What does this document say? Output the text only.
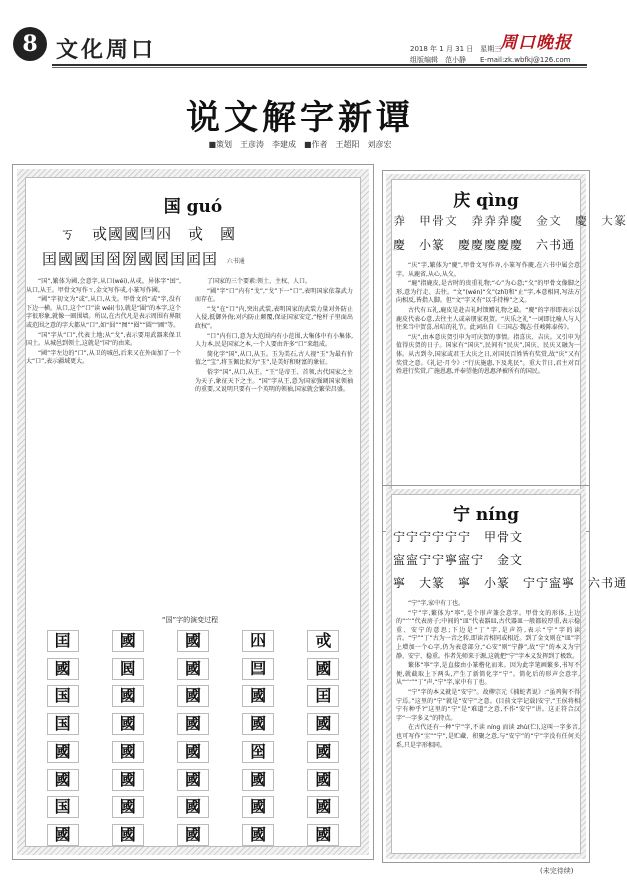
8 文化周口	周口晚报
2018 年 1 月 31 日　星期三
组版编辑　范小静　　E-mail:zk.wbfkj@126.com
说文解字新谭
■策划　王彦涛　李建成　■作者　王超阳　刘彦宏
国 guó
ㄎ　戓國國𡇉𡆧　戓　國
囯國國囯囶圀國囻囯囸囯 六书通

“国”,繁体为國,会意字,从口(wéi),从戓。异体字“囯”,从口,从王。甲骨文写作ㄎ,金文写作戓,小篆写作國。

“國”字初文为“或”,从口,从戈。甲骨文的“或”字,没有下边一横。从口,这个“口”读 wéi(韦),就是“圍”的本字,这个字很形象,就像一圈围墙。所以,在古代凡是表示周围有界限或范围之意的字大都从“口”,如“囧”“囫”“囵”“圆”“圃”等。

“国”字从“口”,代表土地;从“戈”,表示要用武器来保卫国土。从城邑到领土,这就是“国”的由来。

“國”字左边的“口”,从卫的城邑,后来又在外面加了一个大“口”,表示疆域更大。

了国家的三个要素:领土、主权、人口。

“國”字“口”内有“戈”,“戈”下一“口”,表明国家依靠武力而存在。

“戈”在“口”内,突出武装,表明国家的武装力量对外防止入侵,抵御外侮;对内防止颠覆,保证国家安定,“枪杆子里面出政权”。

“口”内有口,意为大范围内有小范围,大集体中有小集体,人力本,民是国家之本,一个人要由许多“口”来组成。

简化字“国”,从口,从玉。玉为美石,古人视“玉”为最有价值之“宝”,将玉佩比拟为“玉”,是美好和财富的象征。

俗字“国”,从口,从王。“王”是帝王、首领,古代国家之主为天子,象征天下之主。“国”字从王,意为国家强调国家领袖的重要,又说明只要有一个英明的领袖,国家就会繁荣昌盛。

“国”字的演变过程
囯	國	國	𡆧	戓
國	囻	國	𡇉	國
国	國	國	國	囯
国	國	國	國	國
國	國	國	囶	國
國	國	國	國	國
国	國	國	國	國
國	國	國	國	國
庆 qìng
𢌻　甲骨文　𢌻𢌻𢌻慶　金文　慶　大篆
慶　小篆　慶慶慶慶慶　六书通

“庆”字,繁体为“慶”,甲骨文写作𢌻,小篆写作慶,在六书中属会意字。从鹿省,从心,从夂。

“鹿”指鹿皮,是古时的贵重礼物;“心”为心意;“夂”的甲骨文像脚之形,意为行走、去往。“文”(wén)“夂”(zhǐ)和“止”字,本意相同,写法方向相反,皆指人脚。但“文”字又有“以手持棒”之义。

古代有五礼,鹿皮是赴吉礼时馈赠礼物之最。“慶”的字形即表示以鹿皮代表心意,去往主人或亲朋家祝贺。“庆乐之礼”一词即比喻人与人往来当中贺喜,吊唁的礼节。此词出自《三国志·魏志·任峻陈泰传》。

“庆”,由本意庆贺引申为可庆贺的事情。指喜庆、吉庆。又引申为值得庆贺的日子。国家有“国庆”,民间有“民庆”,国庆、民庆又融为一体。从古到今,国家或君王大庆之日,对国民百姓皆有奖赏,故“庆”又有奖赏之意。《礼记·月令》:“行庆施惠,下及兆民”。重大节日,君主对百姓进行奖赏,广施恩惠,并奉望他的恩惠泽被所有的国民。

宁 níng
宁宁宁宁宁宁　甲骨文
寍寍宁宁寧寍宁　金文
寧　大篆　寧　小篆　宁宁寍寧　六书通

“宁”字,家中有丁也。

“宁”字,繁体为“寧”,是个形声兼会意字。甲骨文的形体,上边的“宀”代表房子;中间的“皿”代表器皿,古代器皿一般都较厚重,表示稳重、安宁的意思;下边是“丁”字,是声符,表示“宁”字的读音。“宁”“丁”古为一音之转,即读音相同或相近。到了金文则在“皿”字上增加一个心字,仍为表意部分,“心安”则“宁静”,故“宁”的本义为宁静、安宁、稳重。作者先师来于源,这就把“宁”字本义发挥到了极致。

繁体“寧”字,是直接由小篆楷化而来。因为此字笔画繁多,书写不便,就截取上下两头,产生了新简化字“宁”。简化后的形声会意字,从“宀”“丁”声,“宁”字,家中有丁也。

“宁”字的本义就是“安宁”。故柳宗元《捕蛇者说》:“虽鸡狗不得宁焉。”这里的“宁”就是“安宁”之意。(目前文字记载)安宁,“王侯将相宁有种乎?”这里的“宁”是“难道”之意,不作“安宁”讲。这正符合汉字“一字多义”的特点。

在古代还有一种“宁”字,不读 níng 而读 zhù(伫),这叫一字多音,也可写作“宔”“宁”,是贮藏、积聚之意,与“安宁”的“宁”字没有任何关系,只是字形相同。

(未完待续)
